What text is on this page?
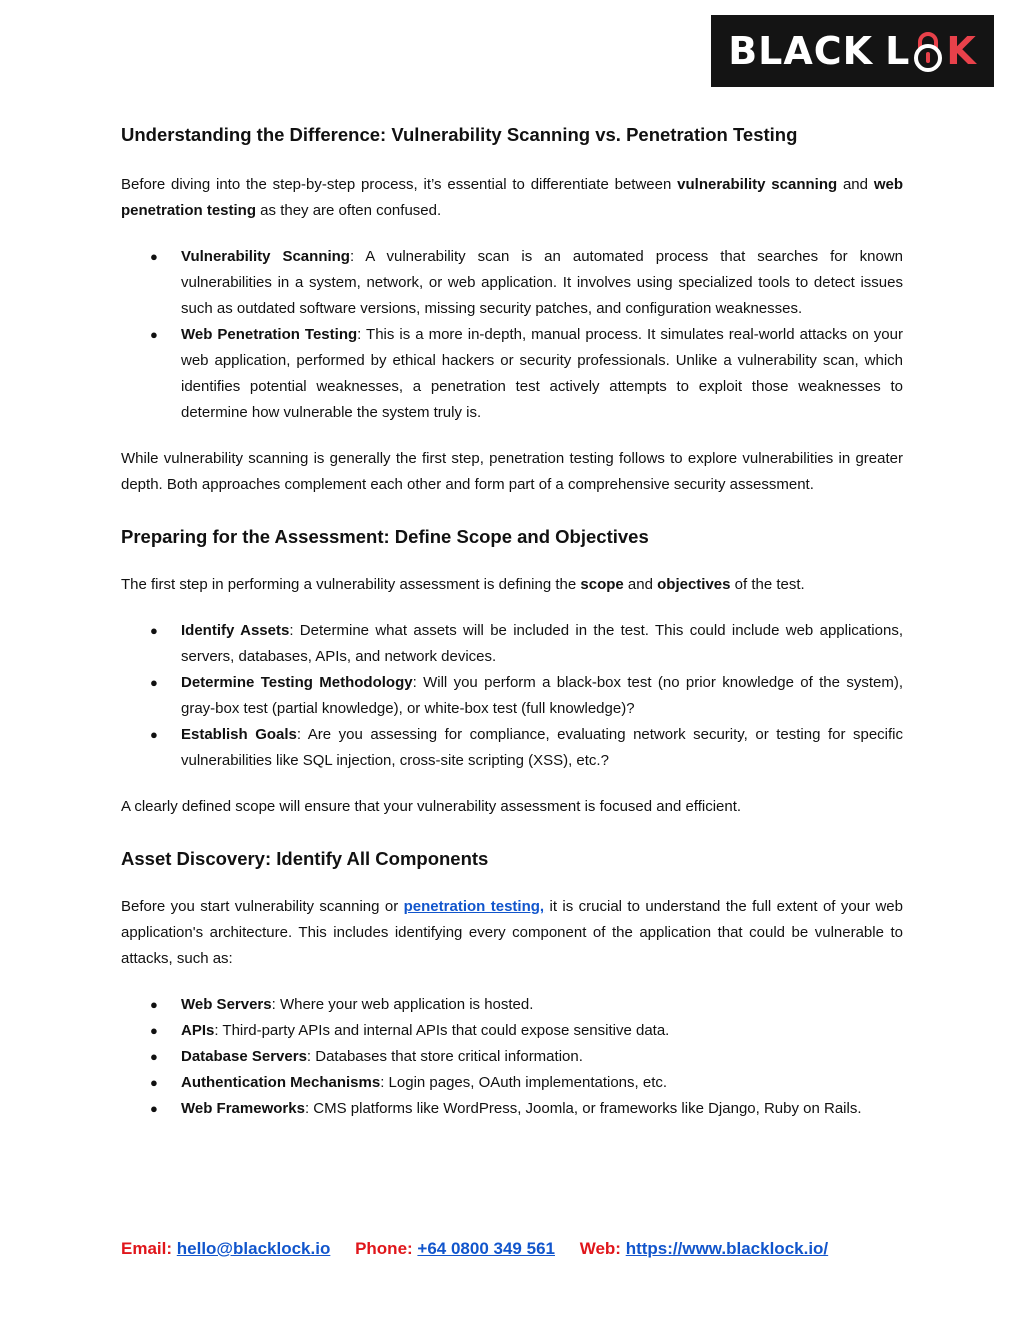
BLACK L K
Understanding the Difference: Vulnerability Scanning vs. Penetration Testing

Before diving into the step-by-step process, it’s essential to differentiate between vulnerability scanning and web penetration testing as they are often confused.

● Vulnerability Scanning: A vulnerability scan is an automated process that searches for known vulnerabilities in a system, network, or web application. It involves using specialized tools to detect issues such as outdated software versions, missing security patches, and configuration weaknesses.
● Web Penetration Testing: This is a more in-depth, manual process. It simulates real-world attacks on your web application, performed by ethical hackers or security professionals. Unlike a vulnerability scan, which identifies potential weaknesses, a penetration test actively attempts to exploit those weaknesses to determine how vulnerable the system truly is.

While vulnerability scanning is generally the first step, penetration testing follows to explore vulnerabilities in greater depth. Both approaches complement each other and form part of a comprehensive security assessment.

Preparing for the Assessment: Define Scope and Objectives

The first step in performing a vulnerability assessment is defining the scope and objectives of the test.

● Identify Assets: Determine what assets will be included in the test. This could include web applications, servers, databases, APIs, and network devices.
● Determine Testing Methodology: Will you perform a black-box test (no prior knowledge of the system), gray-box test (partial knowledge), or white-box test (full knowledge)?
● Establish Goals: Are you assessing for compliance, evaluating network security, or testing for specific vulnerabilities like SQL injection, cross-site scripting (XSS), etc.?

A clearly defined scope will ensure that your vulnerability assessment is focused and efficient.

Asset Discovery: Identify All Components

Before you start vulnerability scanning or penetration testing, it is crucial to understand the full extent of your web application's architecture. This includes identifying every component of the application that could be vulnerable to attacks, such as:

● Web Servers: Where your web application is hosted.
● APIs: Third-party APIs and internal APIs that could expose sensitive data.
● Database Servers: Databases that store critical information.
● Authentication Mechanisms: Login pages, OAuth implementations, etc.
● Web Frameworks: CMS platforms like WordPress, Joomla, or frameworks like Django, Ruby on Rails.
Email: hello@blacklock.io Phone: +64 0800 349 561 Web: https://www.blacklock.io/
